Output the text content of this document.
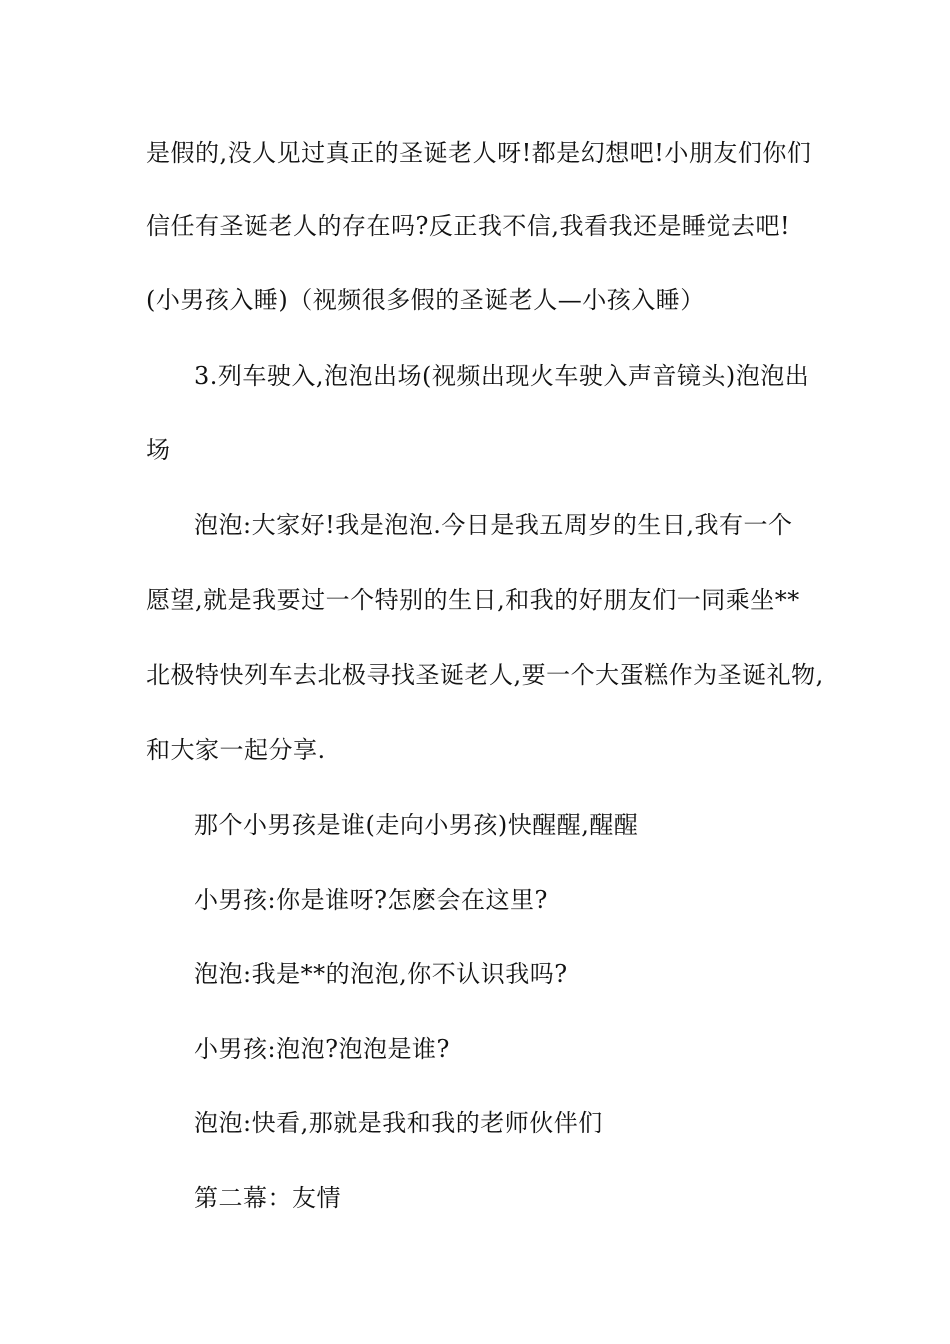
是假的,没人见过真正的圣诞老人呀!都是幻想吧!小朋友们你们
信任有圣诞老人的存在吗?反正我不信,我看我还是睡觉去吧!
(小男孩入睡)（视频很多假的圣诞老人—小孩入睡）
3.列车驶入,泡泡出场(视频出现火车驶入声音镜头)泡泡出
场
泡泡:大家好!我是泡泡.今日是我五周岁的生日,我有一个
愿望,就是我要过一个特别的生日,和我的好朋友们一同乘坐**
北极特快列车去北极寻找圣诞老人,要一个大蛋糕作为圣诞礼物,
和大家一起分享.
那个小男孩是谁(走向小男孩)快醒醒,醒醒
小男孩:你是谁呀?怎麽会在这里?
泡泡:我是**的泡泡,你不认识我吗?
小男孩:泡泡?泡泡是谁?
泡泡:快看,那就是我和我的老师伙伴们
第二幕：友情
